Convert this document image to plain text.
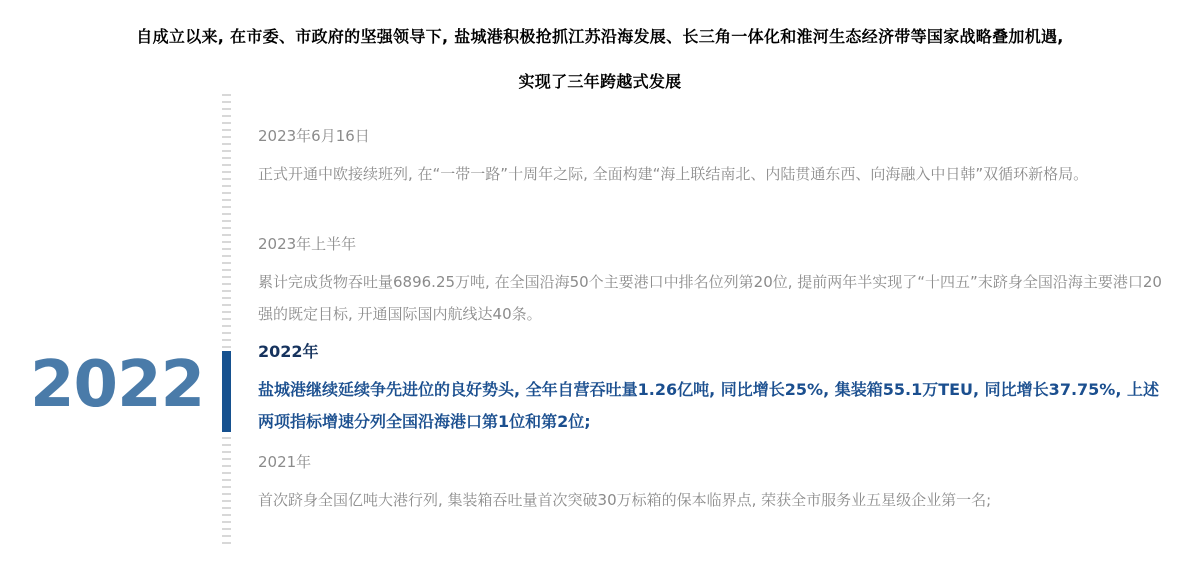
自成立以来, 在市委、市政府的坚强领导下, 盐城港积极抢抓江苏沿海发展、长三角一体化和淮河生态经济带等国家战略叠加机遇,
实现了三年跨越式发展
2022
2023年6月16日
正式开通中欧接续班列, 在“一带一路”十周年之际, 全面构建“海上联结南北、内陆贯通东西、向海融入中日韩”双循环新格局。
2023年上半年
累计完成货物吞吐量6896.25万吨, 在全国沿海50个主要港口中排名位列第20位, 提前两年半实现了“十四五”末跻身全国沿海主要港口20强的既定目标, 开通国际国内航线达40条。
2022年
盐城港继续延续争先进位的良好势头, 全年自营吞吐量1.26亿吨, 同比增长25%, 集装箱55.1万TEU, 同比增长37.75%, 上述两项指标增速分列全国沿海港口第1位和第2位;
2021年
首次跻身全国亿吨大港行列, 集装箱吞吐量首次突破30万标箱的保本临界点, 荣获全市服务业五星级企业第一名;
